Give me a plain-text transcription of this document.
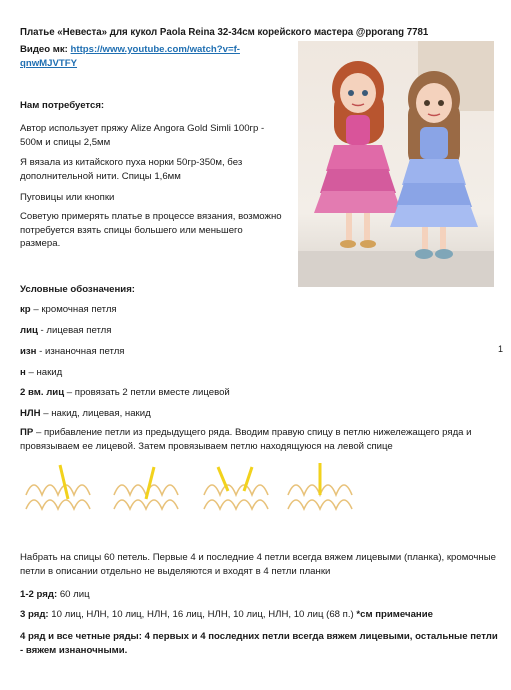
Платье «Невеста» для кукол Paola Reina 32-34см корейского мастера @pporang 7781
Видео мк: https://www.youtube.com/watch?v=f-
qnwMJVTFY
Нам потребуется:
Автор использует пряжу Alize Angora Gold Simli 100гр - 500м и спицы 2,5мм
Я вязала из китайского пуха норки 50гр-350м, без дополнительной нити. Спицы 1,6мм
Пуговицы или кнопки
Советую примерять платье в процессе вязания, возможно потребуется взять спицы большего или меньшего размера.
Условные обозначения:
кр – кромочная петля
лиц - лицевая петля
изн - изнаночная петля
н – накид
2 вм. лиц – провязать 2 петли вместе лицевой
НЛН – накид, лицевая, накид
ПР – прибавление петли из предыдущего ряда. Вводим правую спицу в петлю нижележащего ряда и провязываем ее лицевой. Затем провязываем петлю находящуюся на левой спице
1
Набрать на спицы 60 петель. Первые 4 и последние 4 петли всегда вяжем лицевыми (планка), кромочные петли в описании отдельно не выделяются и входят в 4 петли планки
1-2 ряд: 60 лиц
3 ряд: 10 лиц, НЛН, 10 лиц, НЛН, 16 лиц, НЛН, 10 лиц, НЛН, 10 лиц (68 п.) *см примечание
4 ряд и все четные ряды: 4 первых и 4 последних петли всегда вяжем лицевыми, остальные петли - вяжем изнаночными.
